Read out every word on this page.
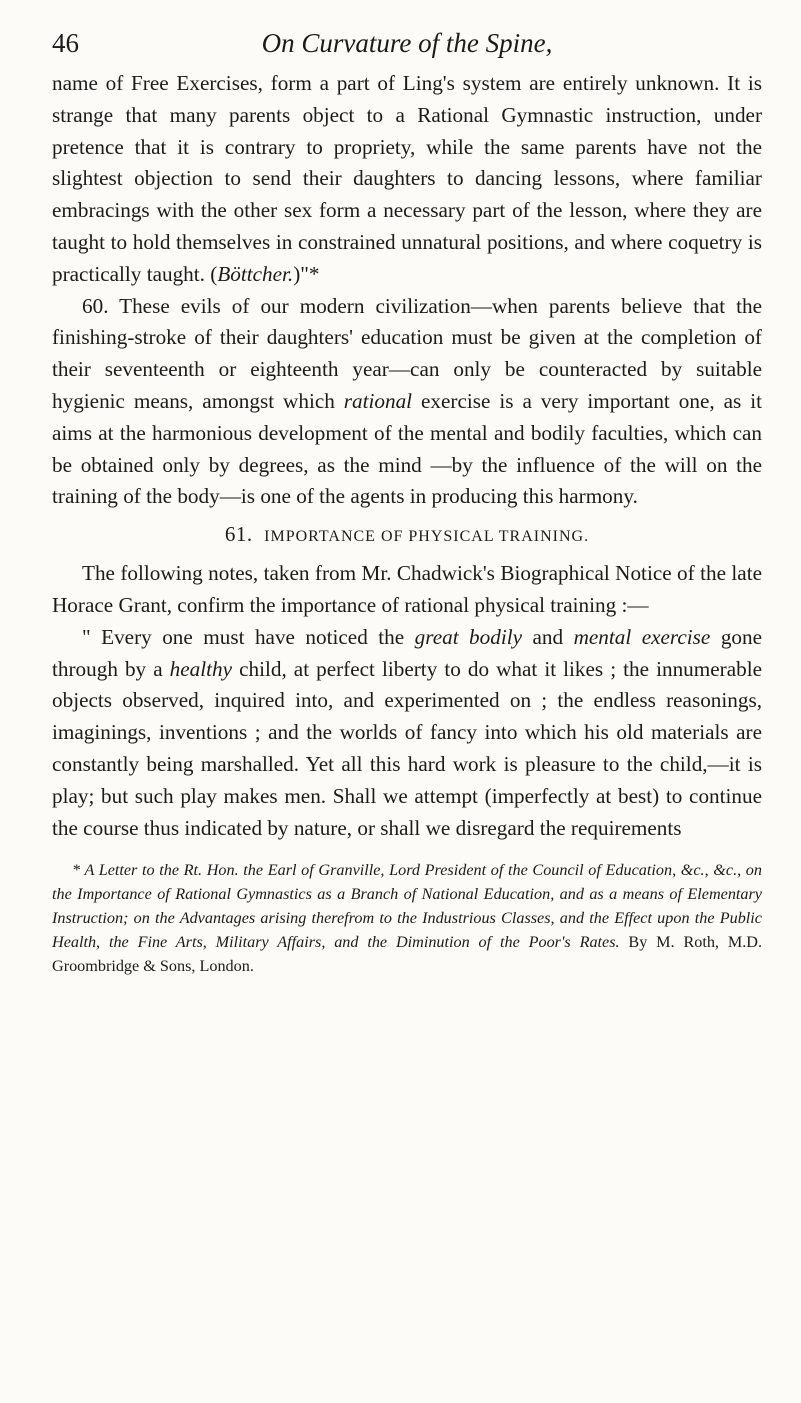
46	On Curvature of the Spine,

name of Free Exercises, form a part of Ling's system are entirely unknown. It is strange that many parents object to a Rational Gymnastic instruction, under pretence that it is contrary to propriety, while the same parents have not the slightest objection to send their daughters to dancing lessons, where familiar embracings with the other sex form a necessary part of the lesson, where they are taught to hold themselves in constrained unnatural positions, and where coquetry is practically taught. (Böttcher.)"*

60. These evils of our modern civilization—when parents believe that the finishing-stroke of their daughters' education must be given at the completion of their seventeenth or eighteenth year—can only be counteracted by suitable hygienic means, amongst which rational exercise is a very important one, as it aims at the harmonious development of the mental and bodily faculties, which can be obtained only by degrees, as the mind —by the influence of the will on the training of the body—is one of the agents in producing this harmony.

61. IMPORTANCE OF PHYSICAL TRAINING.

The following notes, taken from Mr. Chadwick's Biographical Notice of the late Horace Grant, confirm the importance of rational physical training :—

" Every one must have noticed the great bodily and mental exercise gone through by a healthy child, at perfect liberty to do what it likes ; the innumerable objects observed, inquired into, and experimented on ; the endless reasonings, imaginings, inventions ; and the worlds of fancy into which his old materials are constantly being marshalled. Yet all this hard work is pleasure to the child,—it is play; but such play makes men. Shall we attempt (imperfectly at best) to continue the course thus indicated by nature, or shall we disregard the requirements

* A Letter to the Rt. Hon. the Earl of Granville, Lord President of the Council of Education, &c., &c., on the Importance of Rational Gymnastics as a Branch of National Education, and as a means of Elementary Instruction; on the Advantages arising therefrom to the Industrious Classes, and the Effect upon the Public Health, the Fine Arts, Military Affairs, and the Diminution of the Poor's Rates. By M. Roth, M.D. Groombridge & Sons, London.
